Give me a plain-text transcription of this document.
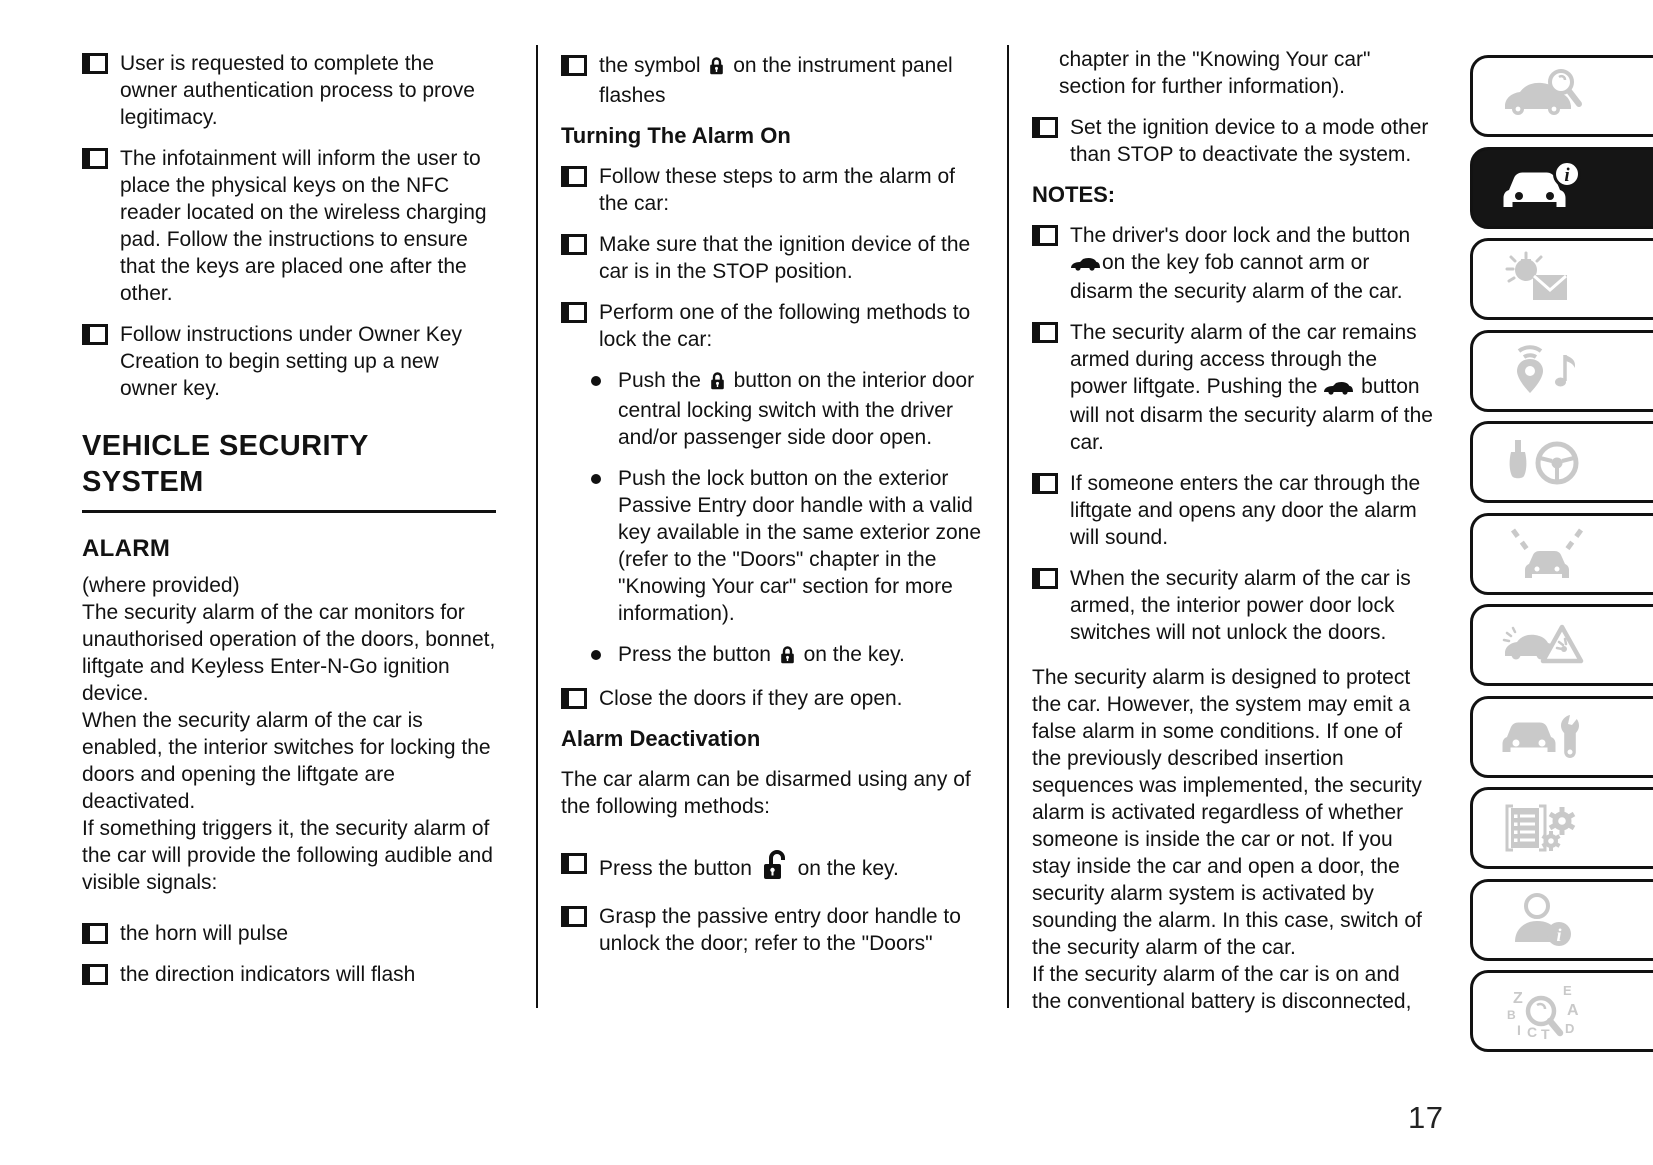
User is requested to complete the owner authentication process to prove legitimacy.
The infotainment will inform the user to place the physical keys on the NFC reader located on the wireless charging pad. Follow the instructions to ensure that the keys are placed one after the other.
Follow instructions under Owner Key Creation to begin setting up a new owner key.
VEHICLE SECURITY SYSTEM
ALARM
(where provided)
The security alarm of the car monitors for unauthorised operation of the doors, bonnet, liftgate and Keyless Enter-N-Go ignition device.
When the security alarm of the car is enabled, the interior switches for locking the doors and opening the liftgate are deactivated.
If something triggers it, the security alarm of the car will provide the following audible and visible signals:
the horn will pulse
the direction indicators will flash
the symbol  on the instrument panel flashes
Turning The Alarm On
Follow these steps to arm the alarm of the car:
Make sure that the ignition device of the car is in the STOP position.
Perform one of the following methods to lock the car:
Push the  button on the interior door central locking switch with the driver and/or passenger side door open.
Push the lock button on the exterior Passive Entry door handle with a valid key available in the same exterior zone (refer to the "Doors" chapter in the "Knowing Your car" section for more information).
Press the button  on the key.
Close the doors if they are open.
Alarm Deactivation
The car alarm can be disarmed using any of the following methods:
Press the button  on the key.
Grasp the passive entry door handle to unlock the door; refer to the "Doors"
chapter in the "Knowing Your car" section for further information).
Set the ignition device to a mode other than STOP to deactivate the system.
NOTES:
The driver's door lock and the button on the key fob cannot arm or disarm the security alarm of the car.
The security alarm of the car remains armed during access through the power liftgate. Pushing the  button will not disarm the security alarm of the car.
If someone enters the car through the liftgate and opens any door the alarm will sound.
When the security alarm of the car is armed, the interior power door lock switches will not unlock the doors.
The security alarm is designed to protect the car. However, the system may emit a false alarm in some conditions. If one of the previously described insertion sequences was implemented, the security alarm is activated regardless of whether someone is inside the car or not. If you stay inside the car and open a door, the security alarm system is activated by sounding the alarm. In this case, switch of the security alarm of the car.
If the security alarm of the car is on and the conventional battery is disconnected,
i
i
Z	E
B	A
I C T D
17
